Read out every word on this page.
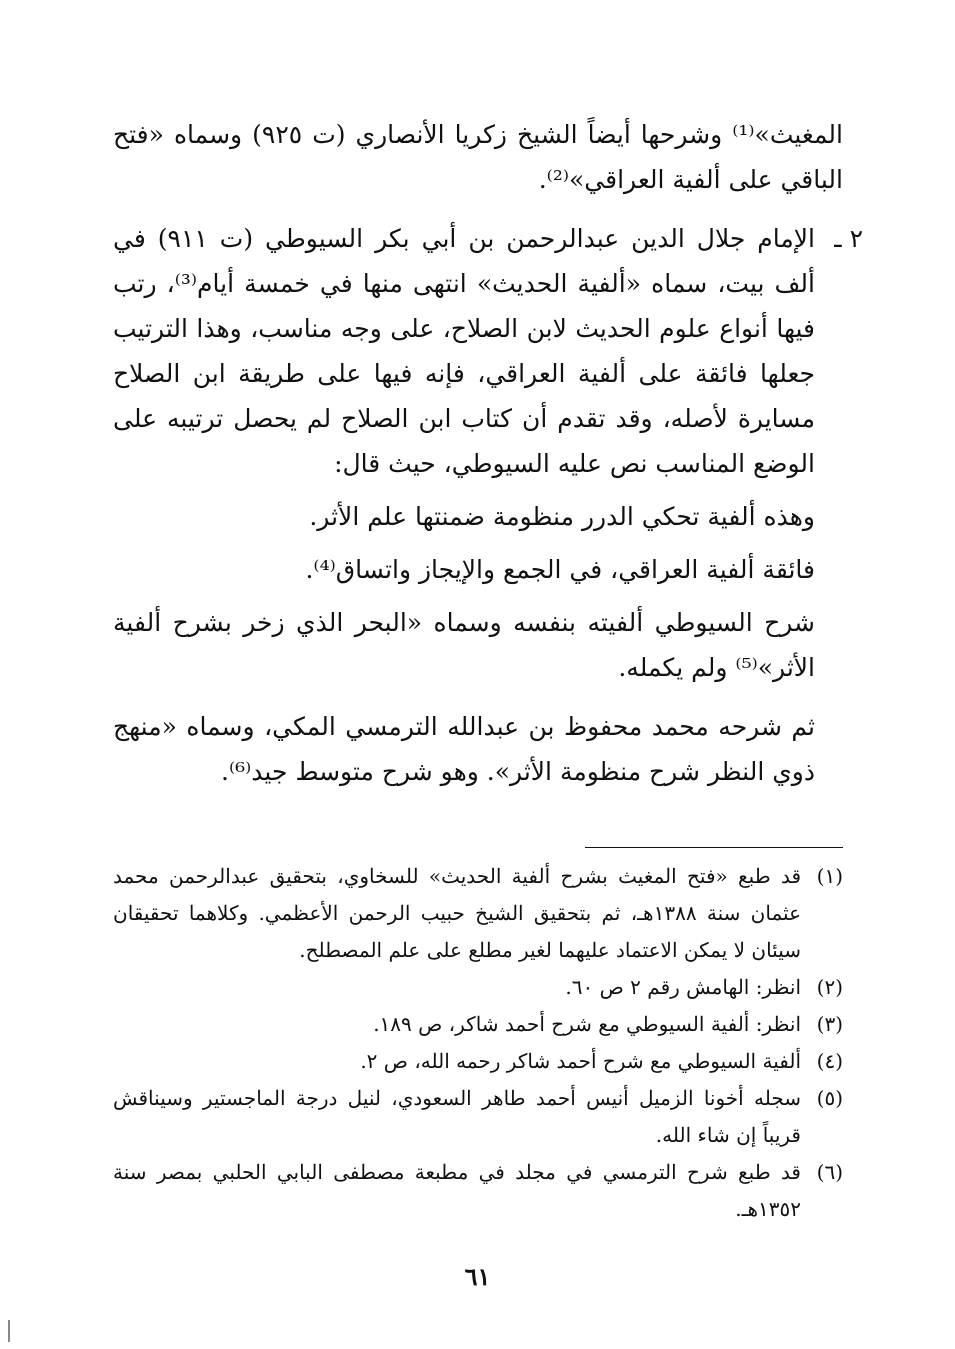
المغيث»⁽¹⁾ وشرحها أيضاً الشيخ زكريا الأنصاري (ت ٩٢٥) وسماه «فتح الباقي على ألفية العراقي»⁽²⁾.

٢ ـ
الإمام جلال الدين عبدالرحمن بن أبي بكر السيوطي (ت ٩١١) في ألف بيت، سماه «ألفية الحديث» انتهى منها في خمسة أيام⁽³⁾، رتب فيها أنواع علوم الحديث لابن الصلاح، على وجه مناسب، وهذا الترتيب جعلها فائقة على ألفية العراقي، فإنه فيها على طريقة ابن الصلاح مسايرة لأصله، وقد تقدم أن كتاب ابن الصلاح لم يحصل ترتيبه على الوضع المناسب نص عليه السيوطي، حيث قال:

وهذه ألفية تحكي الدرر منظومة ضمنتها علم الأثر.

فائقة ألفية العراقي، في الجمع والإيجاز واتساق⁽⁴⁾.

شرح السيوطي ألفيته بنفسه وسماه «البحر الذي زخر بشرح ألفية الأثر»⁽⁵⁾ ولم يكمله.

ثم شرحه محمد محفوظ بن عبدالله الترمسي المكي، وسماه «منهج ذوي النظر شرح منظومة الأثر». وهو شرح متوسط جيد⁽⁶⁾.

(١)
قد طبع «فتح المغيث بشرح ألفية الحديث» للسخاوي، بتحقيق عبدالرحمن محمد عثمان سنة ١٣٨٨هـ، ثم بتحقيق الشيخ حبيب الرحمن الأعظمي. وكلاهما تحقيقان سيئان لا يمكن الاعتماد عليهما لغير مطلع على علم المصطلح.
(٢)
انظر: الهامش رقم ٢ ص ٦٠.
(٣)
انظر: ألفية السيوطي مع شرح أحمد شاكر، ص ١٨٩.
(٤)
ألفية السيوطي مع شرح أحمد شاكر رحمه الله، ص ٢.
(٥)
سجله أخونا الزميل أنيس أحمد طاهر السعودي، لنيل درجة الماجستير وسيناقش قريباً إن شاء الله.
(٦)
قد طبع شرح الترمسي في مجلد في مطبعة مصطفى البابي الحلبي بمصر سنة ١٣٥٢هـ.
٦١
